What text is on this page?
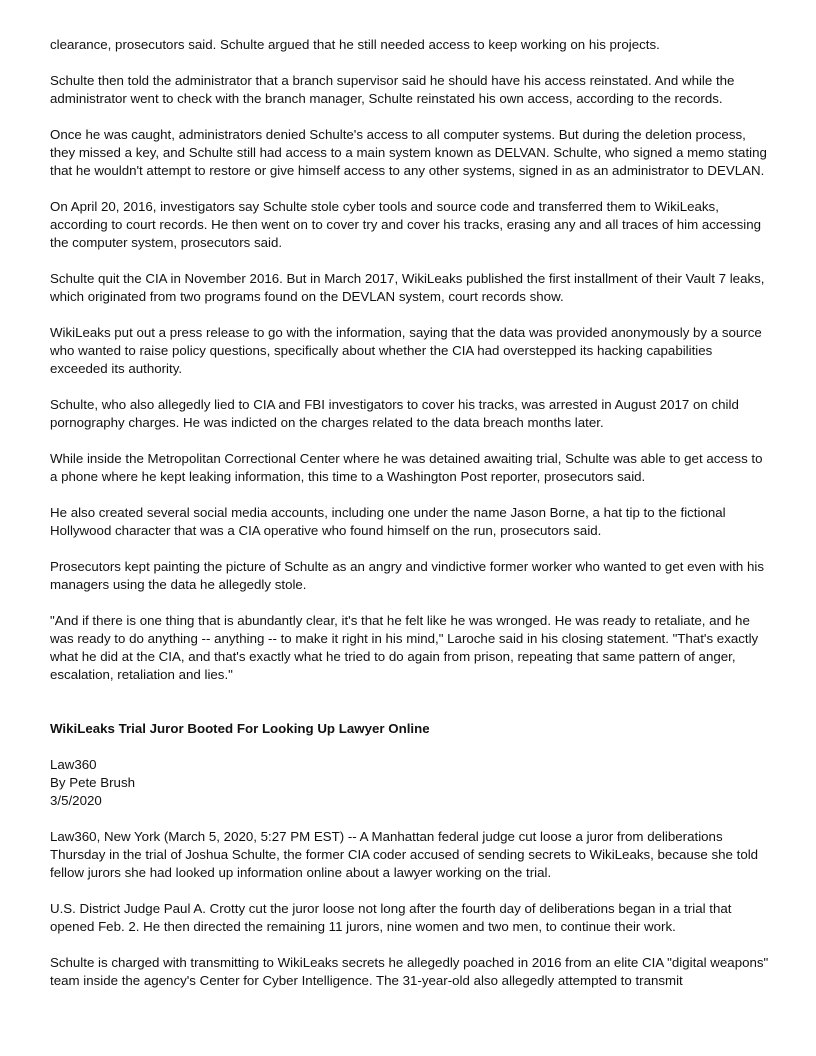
clearance, prosecutors said. Schulte argued that he still needed access to keep working on his projects.

Schulte then told the administrator that a branch supervisor said he should have his access reinstated. And while the administrator went to check with the branch manager, Schulte reinstated his own access, according to the records.

Once he was caught, administrators denied Schulte's access to all computer systems. But during the deletion process, they missed a key, and Schulte still had access to a main system known as DELVAN. Schulte, who signed a memo stating that he wouldn't attempt to restore or give himself access to any other systems, signed in as an administrator to DEVLAN.

On April 20, 2016, investigators say Schulte stole cyber tools and source code and transferred them to WikiLeaks, according to court records. He then went on to cover try and cover his tracks, erasing any and all traces of him accessing the computer system, prosecutors said.

Schulte quit the CIA in November 2016. But in March 2017, WikiLeaks published the first installment of their Vault 7 leaks, which originated from two programs found on the DEVLAN system, court records show.

WikiLeaks put out a press release to go with the information, saying that the data was provided anonymously by a source who wanted to raise policy questions, specifically about whether the CIA had overstepped its hacking capabilities exceeded its authority.

Schulte, who also allegedly lied to CIA and FBI investigators to cover his tracks, was arrested in August 2017 on child pornography charges. He was indicted on the charges related to the data breach months later.

While inside the Metropolitan Correctional Center where he was detained awaiting trial, Schulte was able to get access to a phone where he kept leaking information, this time to a Washington Post reporter, prosecutors said.

He also created several social media accounts, including one under the name Jason Borne, a hat tip to the fictional Hollywood character that was a CIA operative who found himself on the run, prosecutors said.

Prosecutors kept painting the picture of Schulte as an angry and vindictive former worker who wanted to get even with his managers using the data he allegedly stole.

"And if there is one thing that is abundantly clear, it's that he felt like he was wronged. He was ready to retaliate, and he was ready to do anything -- anything -- to make it right in his mind," Laroche said in his closing statement. "That's exactly what he did at the CIA, and that's exactly what he tried to do again from prison, repeating that same pattern of anger, escalation, retaliation and lies."

WikiLeaks Trial Juror Booted For Looking Up Lawyer Online
Law360
By Pete Brush
3/5/2020

Law360, New York (March 5, 2020, 5:27 PM EST) -- A Manhattan federal judge cut loose a juror from deliberations Thursday in the trial of Joshua Schulte, the former CIA coder accused of sending secrets to WikiLeaks, because she told fellow jurors she had looked up information online about a lawyer working on the trial.

U.S. District Judge Paul A. Crotty cut the juror loose not long after the fourth day of deliberations began in a trial that opened Feb. 2. He then directed the remaining 11 jurors, nine women and two men, to continue their work.

Schulte is charged with transmitting to WikiLeaks secrets he allegedly poached in 2016 from an elite CIA "digital weapons" team inside the agency's Center for Cyber Intelligence. The 31-year-old also allegedly attempted to transmit
